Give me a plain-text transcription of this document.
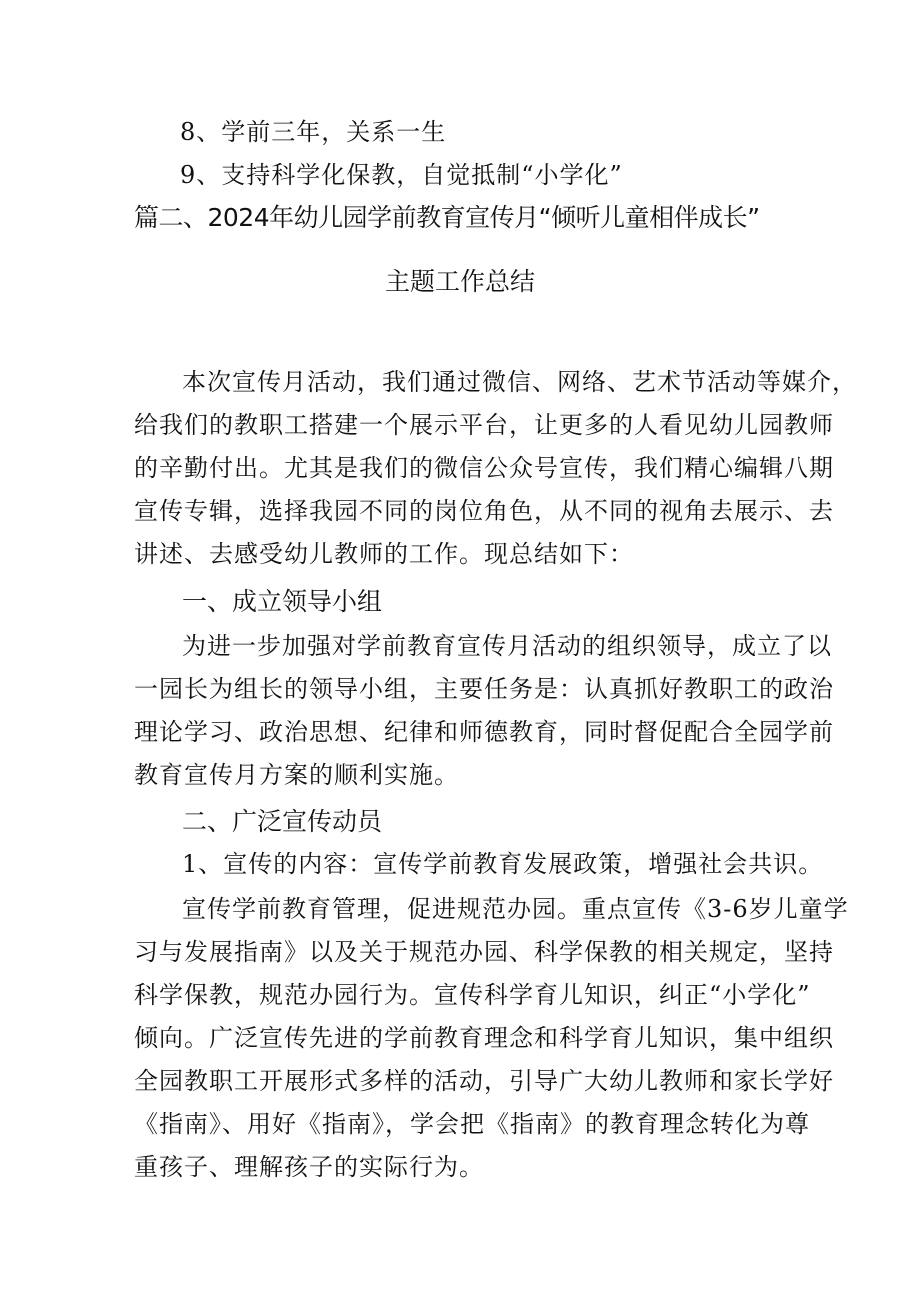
8、学前三年，关系一生
9、支持科学化保教，自觉抵制“小学化”
篇二、2024年幼儿园学前教育宣传月“倾听儿童相伴成长”
主题工作总结
本次宣传月活动，我们通过微信、网络、艺术节活动等媒介，
给我们的教职工搭建一个展示平台，让更多的人看见幼儿园教师
的辛勤付出。尤其是我们的微信公众号宣传，我们精心编辑八期
宣传专辑，选择我园不同的岗位角色，从不同的视角去展示、去
讲述、去感受幼儿教师的工作。现总结如下：
一、成立领导小组
为进一步加强对学前教育宣传月活动的组织领导，成立了以
一园长为组长的领导小组，主要任务是：认真抓好教职工的政治
理论学习、政治思想、纪律和师德教育，同时督促配合全园学前
教育宣传月方案的顺利实施。
二、广泛宣传动员
1、宣传的内容：宣传学前教育发展政策，增强社会共识。
宣传学前教育管理，促进规范办园。重点宣传《3-6岁儿童学
习与发展指南》以及关于规范办园、科学保教的相关规定，坚持
科学保教，规范办园行为。宣传科学育儿知识，纠正“小学化”
倾向。广泛宣传先进的学前教育理念和科学育儿知识，集中组织
全园教职工开展形式多样的活动，引导广大幼儿教师和家长学好
《指南》、用好《指南》，学会把《指南》的教育理念转化为尊
重孩子、理解孩子的实际行为。
